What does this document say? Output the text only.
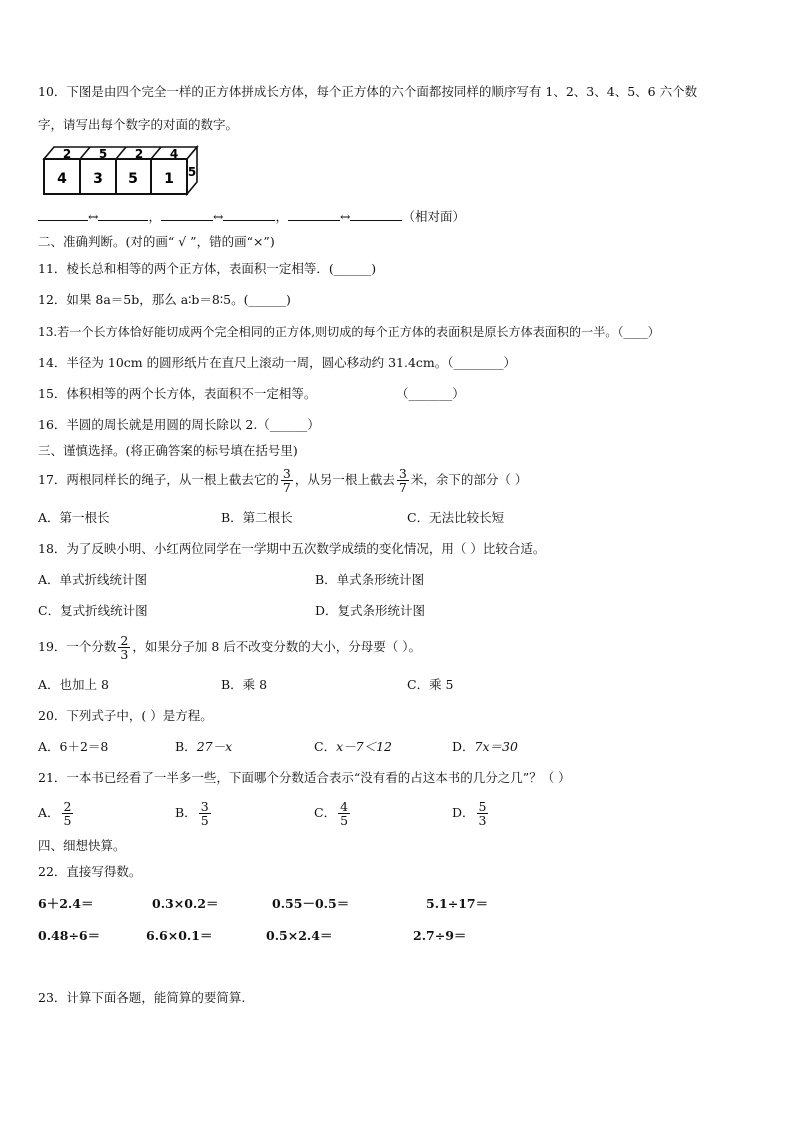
10．下图是由四个完全一样的正方体拼成长方体，每个正方体的六个面都按同样的顺序写有 1、2、3、4、5、6 六个数
字，请写出每个数字的对面的数字。
2 5 2 4
4 3 5 1 5
↔	，	↔	，	↔	（相对面）
二、准确判断。(对的画“ √ ”，错的画“×”)
11．棱长总和相等的两个正方体，表面积一定相等．(______)
12．如果 8a＝5b，那么 a∶b＝8∶5。(______)
13.若一个长方体恰好能切成两个完全相同的正方体,则切成的每个正方体的表面积是原长方体表面积的一半。（____）
14．半径为 10cm 的圆形纸片在直尺上滚动一周，圆心移动约 31.4cm。（________）
15．体积相等的两个长方体，表面积不一定相等。	（_______）
16．半圆的周长就是用圆的周长除以 2.（______）
三、谨慎选择。(将正确答案的标号填在括号里)
17．两根同样长的绳子，从一根上截去它的 $\frac{3}{7}$ ，从另一根上截去 $\frac{3}{7}$ 米，余下的部分（ ）
A．第一根长	B．第二根长	C．无法比较长短
18．为了反映小明、小红两位同学在一学期中五次数学成绩的变化情况，用（ ）比较合适。
A．单式折线统计图	B．单式条形统计图
C．复式折线统计图	D．复式条形统计图
19．一个分数 $\frac{2}{3}$ ，如果分子加 8 后不改变分数的大小，分母要（ ）。
A．也加上 8	B．乘 8	C．乘 5
20．下列式子中，( ）是方程。
A．6＋2＝8	B．27－x	C．x－7＜12	D．7x＝30
21．一本书已经看了一半多一些，下面哪个分数适合表示“没有看的占这本书的几分之几”？（ ）
A． $\frac{2}{5}$	B． $\frac{3}{5}$	C． $\frac{4}{5}$	D． $\frac{5}{3}$
四、细想快算。
22．直接写得数。
6＋2.4＝	0.3×0.2＝	0.55－0.5＝	5.1÷17＝
0.48÷6＝	6.6×0.1＝	0.5×2.4＝	2.7÷9＝
23．计算下面各题，能简算的要简算.
